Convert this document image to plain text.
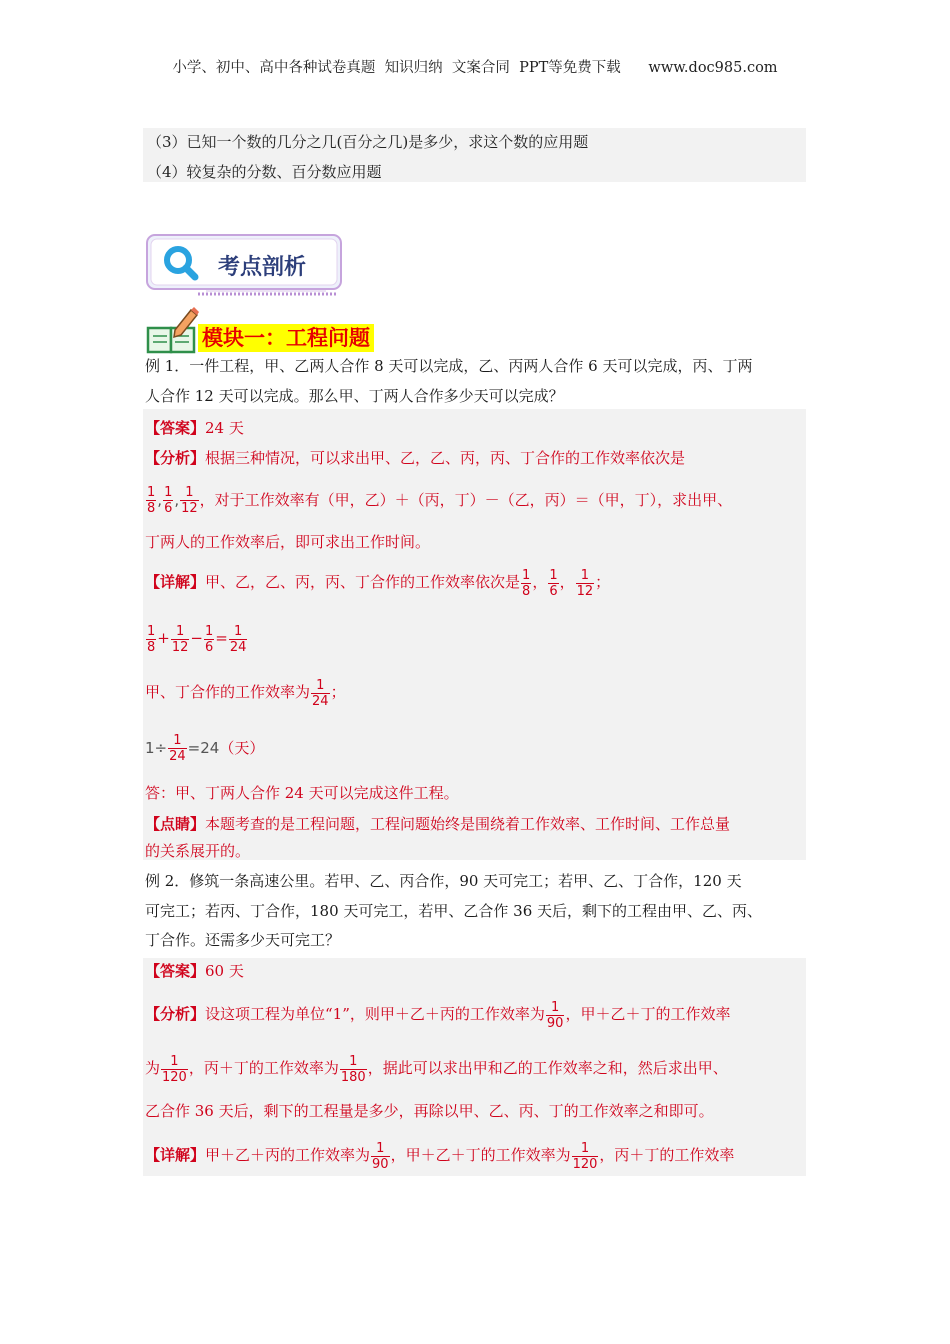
小学、初中、高中各种试卷真题  知识归纳  文案合同  PPT等免费下载      www.doc985.com
（3）已知一个数的几分之几(百分之几)是多少，求这个数的应用题
（4）较复杂的分数、百分数应用题
考点剖析
模块一：工程问题
例 1．一件工程，甲、乙两人合作 8 天可以完成，乙、丙两人合作 6 天可以完成，丙、丁两
人合作 12 天可以完成。那么甲、丁两人合作多少天可以完成？
【答案】24 天
【分析】根据三种情况，可以求出甲、乙，乙、丙，丙、丁合作的工作效率依次是
$\frac{1}{8}$ , $\frac{1}{6}$ , $\frac{1}{12}$ ，对于工作效率有（甲，乙）＋（丙，丁）－（乙，丙）＝（甲，丁），求出甲、
丁两人的工作效率后，即可求出工作时间。
【详解】甲、乙，乙、丙，丙、丁合作的工作效率依次是 $\frac{1}{8}$ ， $\frac{1}{6}$ ， $\frac{1}{12}$ ；
$\frac{1}{8} + \frac{1}{12} - \frac{1}{6} = \frac{1}{24}$
甲、丁合作的工作效率为 $\frac{1}{24}$ ；
$1\div \frac{1}{24} =24$（天）
答：甲、丁两人合作 24 天可以完成这件工程。
【点睛】本题考查的是工程问题，工程问题始终是围绕着工作效率、工作时间、工作总量
的关系展开的。
例 2．修筑一条高速公里。若甲、乙、丙合作，90 天可完工；若甲、乙、丁合作，120 天
可完工；若丙、丁合作，180 天可完工，若甲、乙合作 36 天后，剩下的工程由甲、乙、丙、
丁合作。还需多少天可完工？
【答案】60 天
【分析】设这项工程为单位“1”，则甲＋乙＋丙的工作效率为 $\frac{1}{90}$ ，甲＋乙＋丁的工作效率
为 $\frac{1}{120}$ ，丙＋丁的工作效率为 $\frac{1}{180}$ ，据此可以求出甲和乙的工作效率之和，然后求出甲、
乙合作 36 天后，剩下的工程量是多少，再除以甲、乙、丙、丁的工作效率之和即可。
【详解】甲＋乙＋丙的工作效率为 $\frac{1}{90}$ ，甲＋乙＋丁的工作效率为 $\frac{1}{120}$ ，丙＋丁的工作效率
